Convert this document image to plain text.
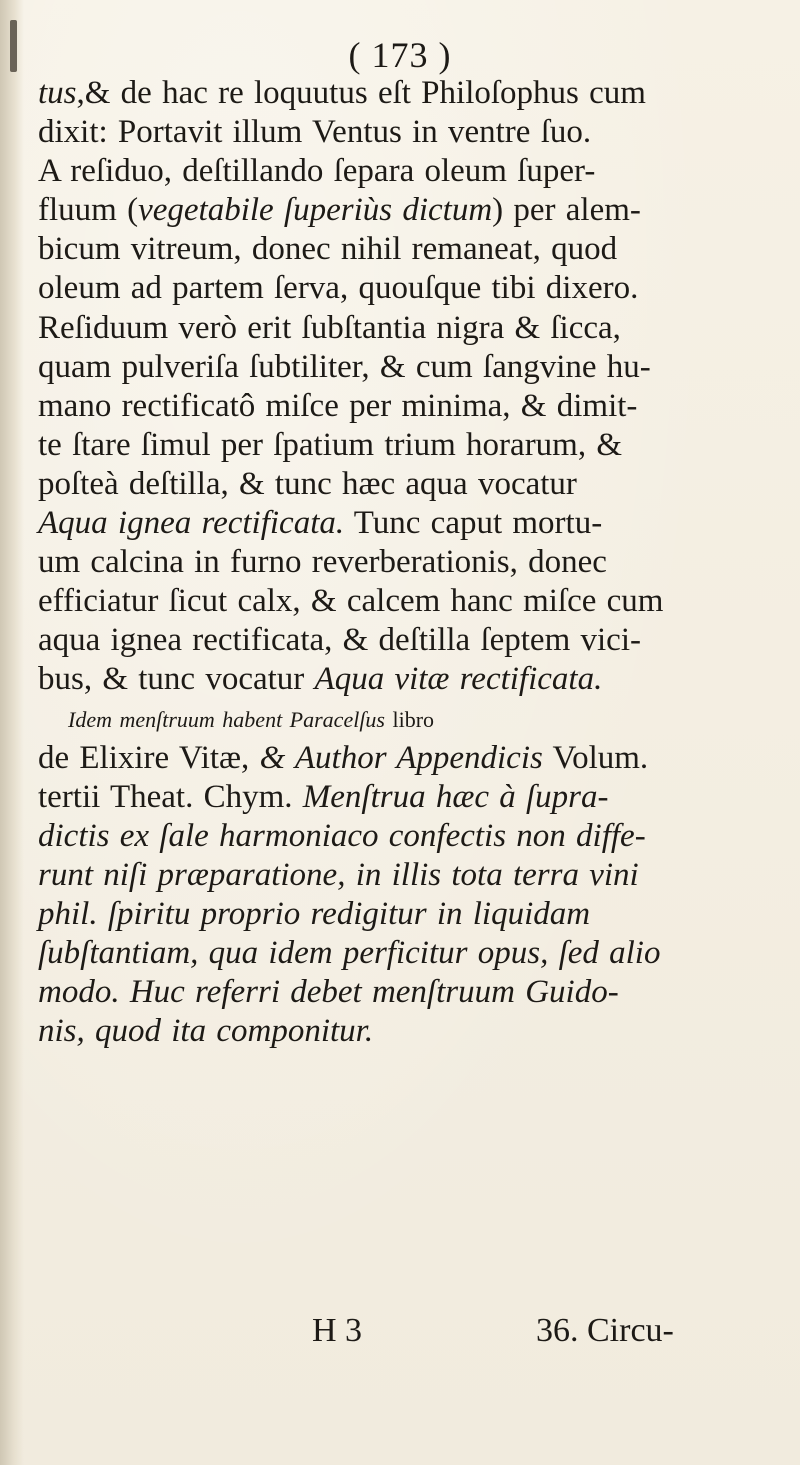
( 173 )
tus,& de hac re loquutus eſt Philoſophus cum
dixit: Portavit illum Ventus in ventre ſuo.
A reſiduo, deſtillando ſepara oleum ſuper-
fluum (vegetabile ſuperiùs dictum) per alem-
bicum vitreum, donec nihil remaneat, quod
oleum ad partem ſerva, quouſque tibi dixero.
Reſiduum verò erit ſubſtantia nigra & ſicca,
quam pulveriſa ſubtiliter, & cum ſangvine hu-
mano rectificatô miſce per minima, & dimit-
te ſtare ſimul per ſpatium trium horarum, &
poſteà deſtilla, & tunc hæc aqua vocatur
Aqua ignea rectificata. Tunc caput mortu-
um calcina in furno reverberationis, donec
efficiatur ſicut calx, & calcem hanc miſce cum
aqua ignea rectificata, & deſtilla ſeptem vici-
bus, & tunc vocatur Aqua vitæ rectificata.
Idem menſtruum habent Paracelſus libro
de Elixire Vitæ, & Author Appendicis Volum.
tertii Theat. Chym. Menſtrua hæc à ſupra-
dictis ex ſale harmoniaco confectis non diffe-
runt niſi præparatione, in illis tota terra vini
phil. ſpiritu proprio redigitur in liquidam
ſubſtantiam, qua idem perficitur opus, ſed alio
modo. Huc referri debet menſtruum Guido-
nis, quod ita componitur.
H 3	36. Circu-
